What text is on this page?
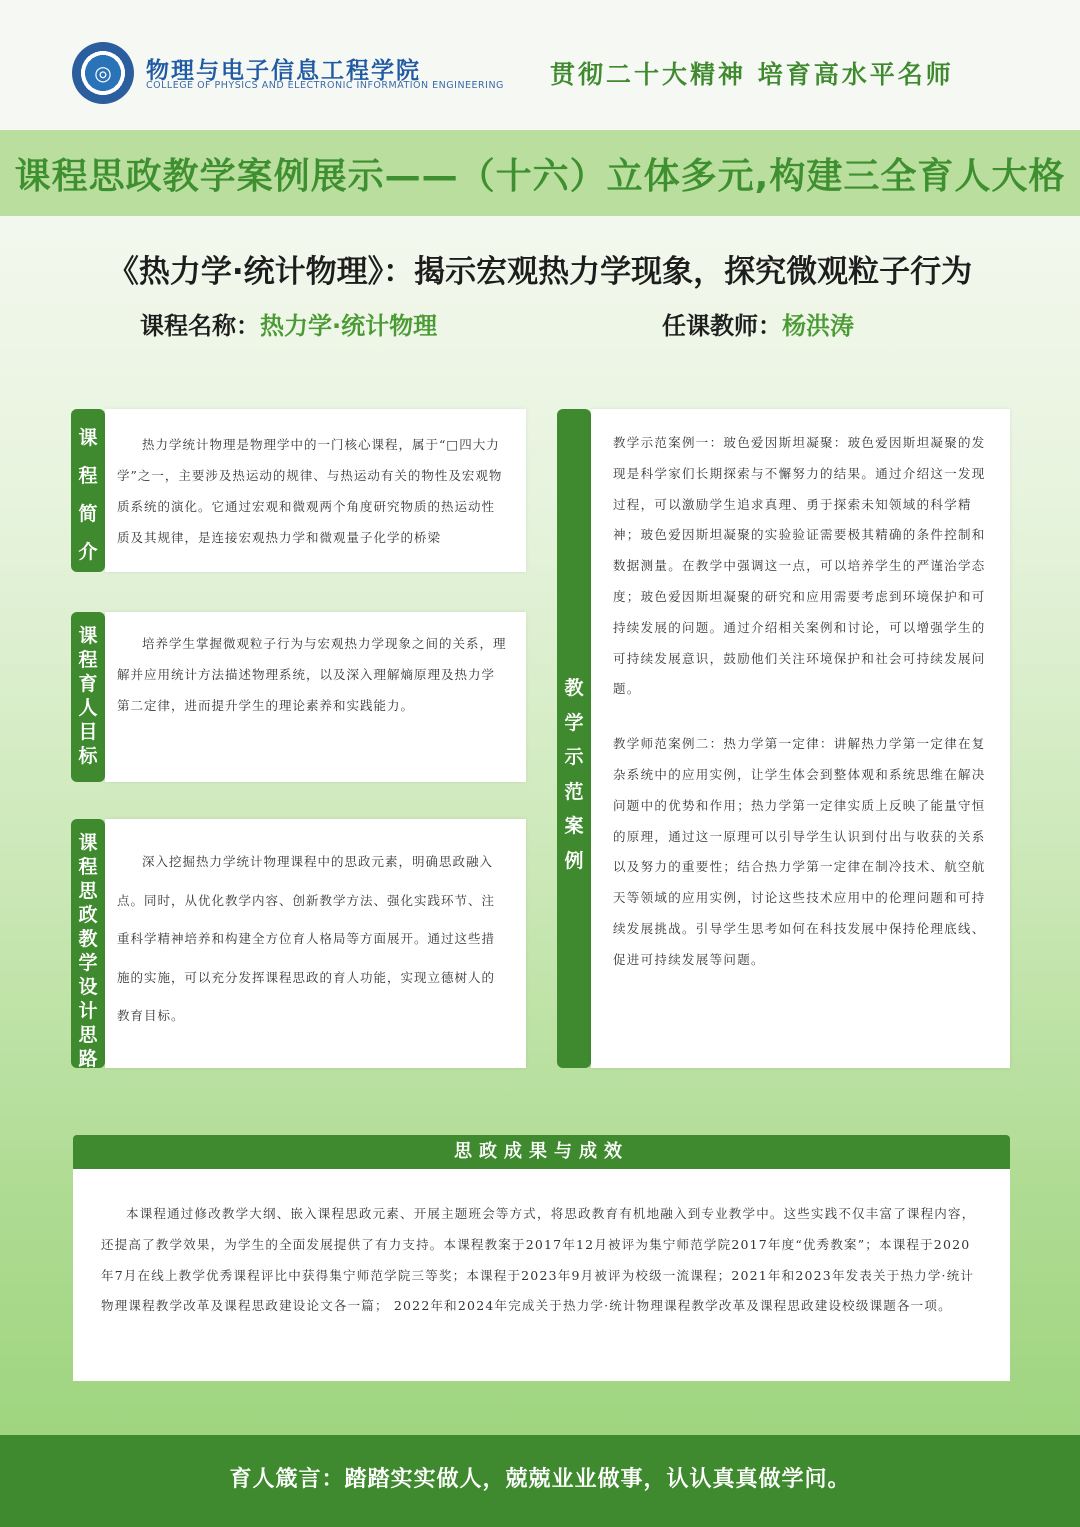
◎	物理与电子信息工程学院
COLLEGE OF PHYSICS AND ELECTRONIC INFORMATION ENGINEERING 贯彻二十大精神 培育高水平名师
课程思政教学案例展示——（十六）立体多元,构建三全育人大格
《热力学·统计物理》：揭示宏观热力学现象，探究微观粒子行为
课程名称：热力学·统计物理	任课教师：杨洪涛
课
程
简
介

热力学统计物理是物理学中的一门核心课程，属于“□四大力学”之一，主要涉及热运动的规律、与热运动有关的物性及宏观物质系统的演化。它通过宏观和微观两个角度研究物质的热运动性质及其规律，是连接宏观热力学和微观量子化学的桥梁

课
程
育
人
目
标

培养学生掌握微观粒子行为与宏观热力学现象之间的关系，理解并应用统计方法描述物理系统，以及深入理解熵原理及热力学第二定律，进而提升学生的理论素养和实践能力。

课
程
思
政
教
学
设
计
思
路

深入挖掘热力学统计物理课程中的思政元素，明确思政融入点。同时，从优化教学内容、创新教学方法、强化实践环节、注重科学精神培养和构建全方位育人格局等方面展开。通过这些措施的实施，可以充分发挥课程思政的育人功能，实现立德树人的教育目标。

教
学
示
范
案
例

教学示范案例一：玻色爱因斯坦凝聚：玻色爱因斯坦凝聚的发现是科学家们长期探索与不懈努力的结果。通过介绍这一发现过程，可以激励学生追求真理、勇于探索未知领域的科学精神；玻色爱因斯坦凝聚的实验验证需要极其精确的条件控制和数据测量。在教学中强调这一点，可以培养学生的严谨治学态度；玻色爱因斯坦凝聚的研究和应用需要考虑到环境保护和可持续发展的问题。通过介绍相关案例和讨论，可以增强学生的可持续发展意识，鼓励他们关注环境保护和社会可持续发展问题。

教学师范案例二：热力学第一定律：讲解热力学第一定律在复杂系统中的应用实例，让学生体会到整体观和系统思维在解决问题中的优势和作用；热力学第一定律实质上反映了能量守恒的原理，通过这一原理可以引导学生认识到付出与收获的关系以及努力的重要性；结合热力学第一定律在制冷技术、航空航天等领域的应用实例，讨论这些技术应用中的伦理问题和可持续发展挑战。引导学生思考如何在科技发展中保持伦理底线、促进可持续发展等问题。

思政成果与成效

本课程通过修改教学大纲、嵌入课程思政元素、开展主题班会等方式，将思政教育有机地融入到专业教学中。这些实践不仅丰富了课程内容，还提高了教学效果，为学生的全面发展提供了有力支持。本课程教案于2017年12月被评为集宁师范学院2017年度“优秀教案”；本课程于2020年7月在线上教学优秀课程评比中获得集宁师范学院三等奖；本课程于2023年9月被评为校级一流课程；2021年和2023年发表关于热力学·统计物理课程教学改革及课程思政建设论文各一篇； 2022年和2024年完成关于热力学·统计物理课程教学改革及课程思政建设校级课题各一项。

育人箴言：踏踏实实做人，兢兢业业做事，认认真真做学问。
